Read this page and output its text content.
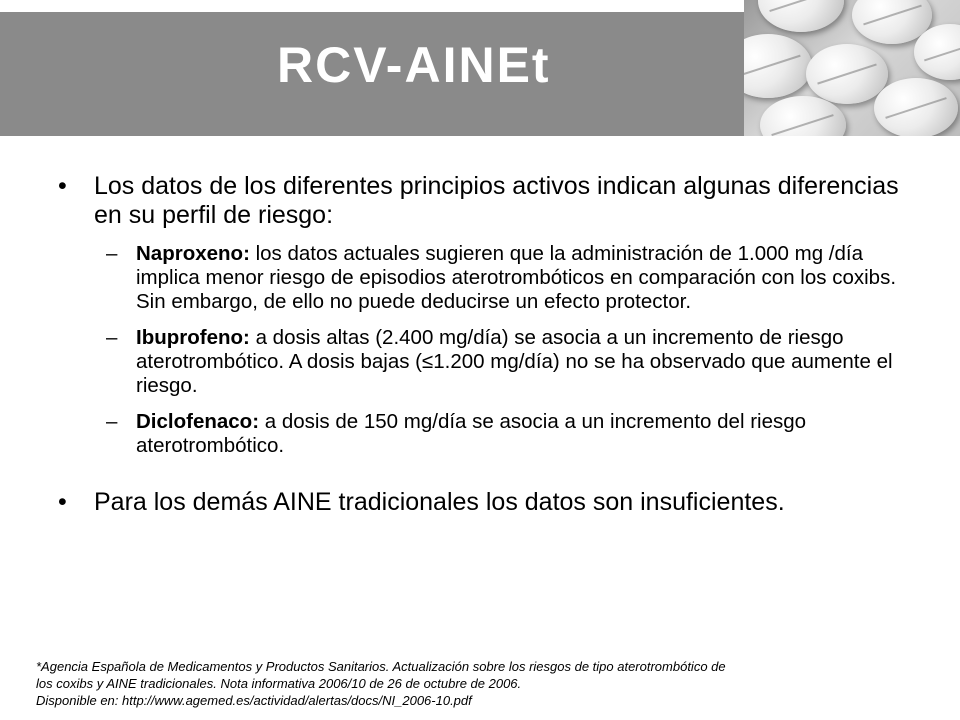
RCV-AINEt
• Los datos de los diferentes principios activos indican algunas diferencias en su perfil de riesgo:
– Naproxeno: los datos actuales sugieren que la administración de 1.000 mg /día implica menor riesgo de episodios aterotrombóticos en comparación con los coxibs. Sin embargo, de ello no puede deducirse un efecto protector.
– Ibuprofeno: a dosis altas (2.400 mg/día) se asocia a un incremento de riesgo aterotrombótico. A dosis bajas (≤1.200 mg/día) no se ha observado que aumente el riesgo.
– Diclofenaco: a dosis de 150 mg/día se asocia a un incremento del riesgo aterotrombótico.
• Para los demás AINE tradicionales los datos son insuficientes.
*Agencia Española de Medicamentos y Productos Sanitarios. Actualización sobre los riesgos de tipo aterotrombótico de
los coxibs y AINE tradicionales. Nota informativa 2006/10 de 26 de octubre de 2006.
Disponible en: http://www.agemed.es/actividad/alertas/docs/NI_2006-10.pdf
